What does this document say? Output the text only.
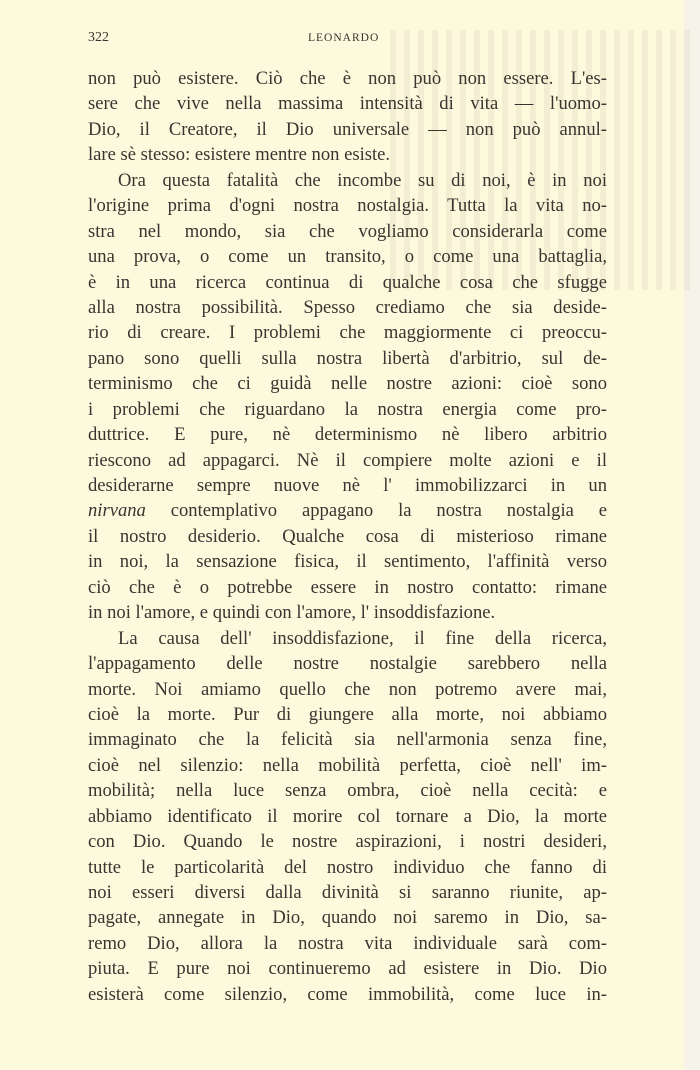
322	LEONARDO
non può esistere. Ciò che è non può non essere. L'es-
sere che vive nella massima intensità di vita — l'uomo-
Dio, il Creatore, il Dio universale — non può annul-
lare sè stesso: esistere mentre non esiste.
Ora questa fatalità che incombe su di noi, è in noi
l'origine prima d'ogni nostra nostalgia. Tutta la vita no-
stra nel mondo, sia che vogliamo considerarla come
una prova, o come un transito, o come una battaglia,
è in una ricerca continua di qualche cosa che sfugge
alla nostra possibilità. Spesso crediamo che sia deside-
rio di creare. I problemi che maggiormente ci preoccu-
pano sono quelli sulla nostra libertà d'arbitrio, sul de-
terminismo che ci guidà nelle nostre azioni: cioè sono
i problemi che riguardano la nostra energia come pro-
duttrice. E pure, nè determinismo nè libero arbitrio
riescono ad appagarci. Nè il compiere molte azioni e il
desiderarne sempre nuove nè l' immobilizzarci in un
nirvana contemplativo appagano la nostra nostalgia e
il nostro desiderio. Qualche cosa di misterioso rimane
in noi, la sensazione fisica, il sentimento, l'affinità verso
ciò che è o potrebbe essere in nostro contatto: rimane
in noi l'amore, e quindi con l'amore, l' insoddisfazione.
La causa dell' insoddisfazione, il fine della ricerca,
l'appagamento delle nostre nostalgie sarebbero nella
morte. Noi amiamo quello che non potremo avere mai,
cioè la morte. Pur di giungere alla morte, noi abbiamo
immaginato che la felicità sia nell'armonia senza fine,
cioè nel silenzio: nella mobilità perfetta, cioè nell' im-
mobilità; nella luce senza ombra, cioè nella cecità: e
abbiamo identificato il morire col tornare a Dio, la morte
con Dio. Quando le nostre aspirazioni, i nostri desideri,
tutte le particolarità del nostro individuo che fanno di
noi esseri diversi dalla divinità si saranno riunite, ap-
pagate, annegate in Dio, quando noi saremo in Dio, sa-
remo Dio, allora la nostra vita individuale sarà com-
piuta. E pure noi continueremo ad esistere in Dio. Dio
esisterà come silenzio, come immobilità, come luce in-
